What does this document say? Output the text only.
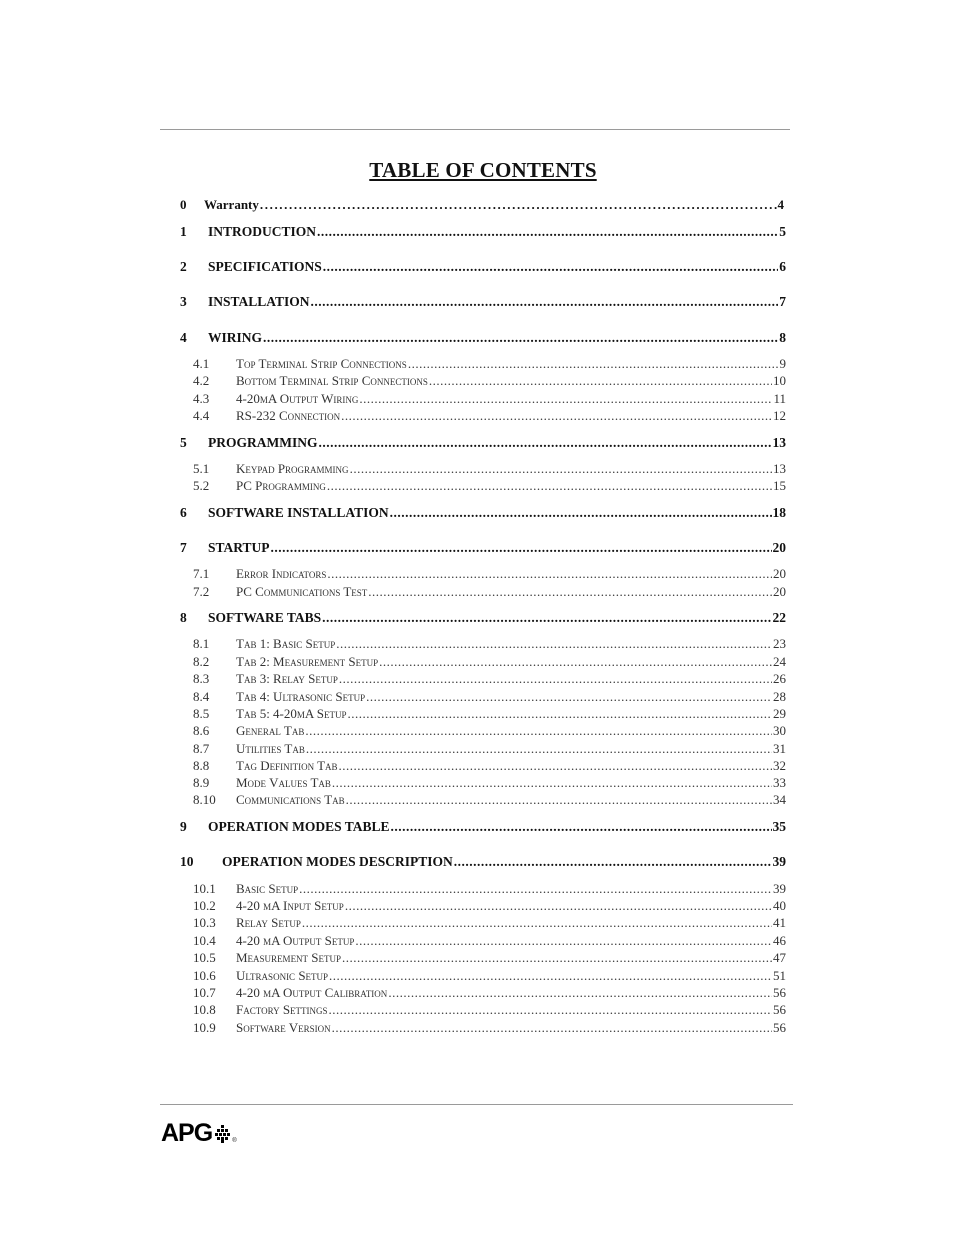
TABLE OF CONTENTS
0 Warranty .....	4
1 INTRODUCTION .....	5
2 SPECIFICATIONS .....	6
3 INSTALLATION .....	7
4 WIRING .....	8
4.1 Top Terminal Strip Connections .....	9
4.2 Bottom Terminal Strip Connections .....	10
4.3 4-20mA Output Wiring .....	11
4.4 RS-232 Connection .....	12
5 PROGRAMMING .....	13
5.1 Keypad Programming .....	13
5.2 PC Programming .....	15
6 SOFTWARE INSTALLATION .....	18
7 STARTUP .....	20
7.1 Error Indicators .....	20
7.2 PC Communications Test .....	20
8 SOFTWARE TABS .....	22
8.1 Tab 1: Basic Setup .....	23
8.2 Tab 2: Measurement Setup .....	24
8.3 Tab 3: Relay Setup .....	26
8.4 Tab 4: Ultrasonic Setup .....	28
8.5 Tab 5: 4-20mA Setup .....	29
8.6 General Tab .....	30
8.7 Utilities Tab .....	31
8.8 Tag Definition Tab .....	32
8.9 Mode Values Tab .....	33
8.10 Communications Tab .....	34
9 OPERATION MODES TABLE .....	35
10 OPERATION MODES DESCRIPTION .....	39
10.1 Basic Setup .....	39
10.2 4-20 mA Input Setup .....	40
10.3 Relay Setup .....	41
10.4 4-20 mA Output Setup .....	46
10.5 Measurement Setup .....	47
10.6 Ultrasonic Setup .....	51
10.7 4-20 mA Output Calibration .....	56
10.8 Factory Settings .....	56
10.9 Software Version .....	56
APG	®
